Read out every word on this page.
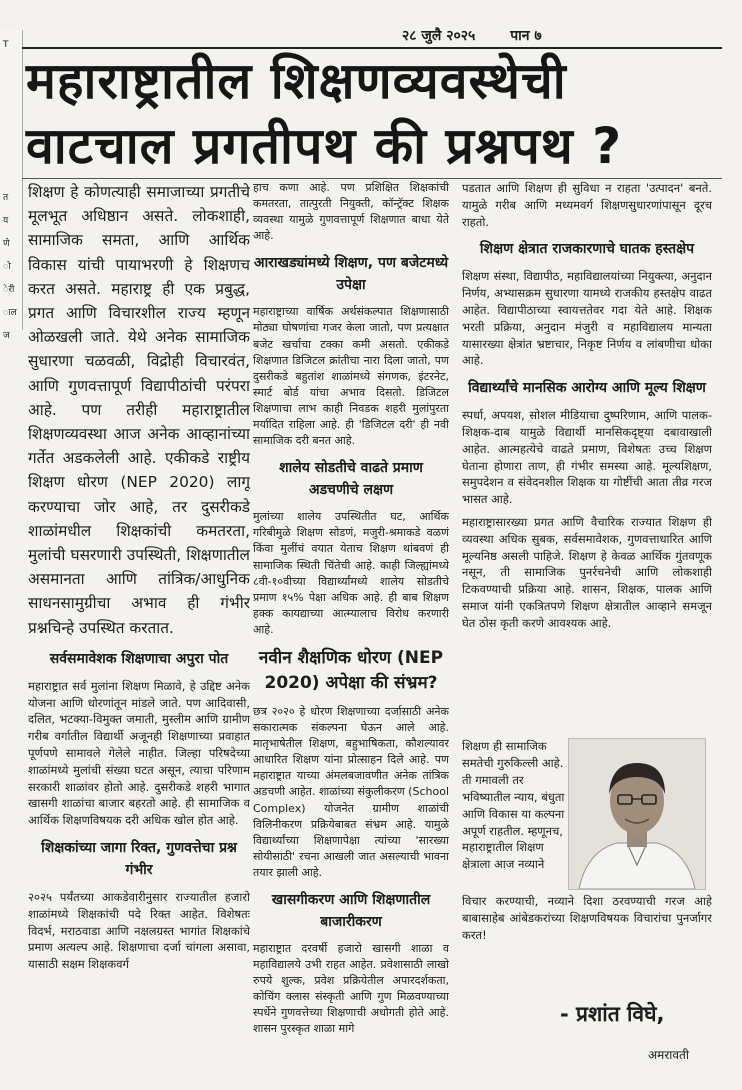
T
त
य
णे
ो
ेरी
ाल
ज
२८ जुलै २०२५ पान ७
महाराष्ट्रातील शिक्षणव्यवस्थेची
वाटचाल प्रगतीपथ की प्रश्नपथ ?

शिक्षण हे कोणत्याही समाजाच्या प्रगतीचे मूलभूत अधिष्ठान असते. लोकशाही, सामाजिक समता, आणि आर्थिक विकास यांची पायाभरणी हे शिक्षणच करत असते. महाराष्ट्र ही एक प्रबुद्ध, प्रगत आणि विचारशील राज्य म्हणून ओळखली जाते. येथे अनेक सामाजिक सुधारणा चळवळी, विद्रोही विचारवंत, आणि गुणवत्तापूर्ण विद्यापीठांची परंपरा आहे. पण तरीही महाराष्ट्रातील शिक्षणव्यवस्था आज अनेक आव्हानांच्या गर्तेत अडकलेली आहे. एकीकडे राष्ट्रीय शिक्षण धोरण (NEP 2020) लागू करण्याचा जोर आहे, तर दुसरीकडे शाळांमधील शिक्षकांची कमतरता, मुलांची घसरणारी उपस्थिती, शिक्षणातील असमानता आणि तांत्रिक/आधुनिक साधनसामुग्रीचा अभाव ही गंभीर प्रश्नचिन्हे उपस्थित करतात.

सर्वसमावेशक शिक्षणाचा अपुरा पोत

महाराष्ट्रात सर्व मुलांना शिक्षण मिळावे, हे उद्दिष्ट अनेक योजना आणि धोरणांतून मांडले जाते. पण आदिवासी, दलित, भटक्या-विमुक्त जमाती, मुस्लीम आणि ग्रामीण गरीब वर्गातील विद्यार्थी अजूनही शिक्षणाच्या प्रवाहात पूर्णपणे सामावले गेलेले नाहीत. जिल्हा परिषदेच्या शाळांमध्ये मुलांची संख्या घटत असून, त्याचा परिणाम सरकारी शाळांवर होतो आहे. दुसरीकडे शहरी भागात खासगी शाळांचा बाजार बहरतो आहे. ही सामाजिक व आर्थिक शिक्षणविषयक दरी अधिक खोल होत आहे.

शिक्षकांच्या जागा रिक्त, गुणवत्तेचा प्रश्न गंभीर

२०२५ पर्यंतच्या आकडेवारीनुसार राज्यातील हजारो शाळांमध्ये शिक्षकांची पदे रिक्त आहेत. विशेषतः विदर्भ, मराठवाडा आणि नक्षलग्रस्त भागांत शिक्षकांचे प्रमाण अत्यल्प आहे. शिक्षणाचा दर्जा चांगला असावा, यासाठी सक्षम शिक्षकवर्ग

हाच कणा आहे. पण प्रशिक्षित शिक्षकांची कमतरता, तात्पुरती नियुक्ती, कॉन्ट्रॅक्ट शिक्षक व्यवस्था यामुळे गुणवत्तापूर्ण शिक्षणात बाधा येते आहे.

आराखड्यांमध्ये शिक्षण, पण बजेटमध्ये उपेक्षा

महाराष्ट्राच्या वार्षिक अर्थसंकल्पात शिक्षणासाठी मोठ्या घोषणांचा गजर केला जातो, पण प्रत्यक्षात बजेट खर्चाचा टक्का कमी असतो. एकीकडे शिक्षणात डिजिटल क्रांतीचा नारा दिला जातो, पण दुसरीकडे बहुतांश शाळांमध्ये संगणक, इंटरनेट, स्मार्ट बोर्ड यांचा अभाव दिसतो. डिजिटल शिक्षणाचा लाभ काही निवडक शहरी मुलांपुरता मर्यादित राहिला आहे. ही 'डिजिटल दरी' ही नवी सामाजिक दरी बनत आहे.

शालेय सोडतीचे वाढते प्रमाण अडचणीचे लक्षण

मुलांच्या शालेय उपस्थितीत घट, आर्थिक गरिबीमुळे शिक्षण सोडणं, मजुरी-श्रमाकडे वळणं किंवा मुलींचं वयात येताच शिक्षण थांबवणं ही सामाजिक स्थिती चिंतेची आहे. काही जिल्ह्यांमध्ये ८वी-१०वीच्या विद्यार्थ्यांमध्ये शालेय सोडतीचे प्रमाण १५% पेक्षा अधिक आहे. ही बाब शिक्षण हक्क कायद्याच्या आत्म्यालाच विरोध करणारी आहे.

नवीन शैक्षणिक धोरण (NEP 2020) अपेक्षा की संभ्रम?

छत्र २०२० हे धोरण शिक्षणाच्या दर्जासाठी अनेक सकारात्मक संकल्पना घेऊन आले आहे. मातृभाषेतील शिक्षण, बहुभाषिकता, कौशल्यावर आधारित शिक्षण यांना प्रोत्साहन दिले आहे. पण महाराष्ट्रात याच्या अंमलबजावणीत अनेक तांत्रिक अडचणी आहेत. शाळांच्या संकुलीकरण (School Complex) योजनेत ग्रामीण शाळांची विलिनीकरण प्रक्रियेबाबत संभ्रम आहे. यामुळे विद्यार्थ्यांच्या शिक्षणापेक्षा त्यांच्या 'सारख्या सोयीसाठी' रचना आखली जात असल्याची भावना तयार झाली आहे.

खासगीकरण आणि शिक्षणातील बाजारीकरण

महाराष्ट्रात दरवर्षी हजारो खासगी शाळा व महाविद्यालये उभी राहत आहेत. प्रवेशासाठी लाखो रुपये शुल्क, प्रवेश प्रक्रियेतील अपारदर्शकता, कोचिंग क्लास संस्कृती आणि गुण मिळवण्याच्या स्पर्धेने गुणवत्तेच्या शिक्षणाची अधोगती होते आहे. शासन पुरस्कृत शाळा मागे

पडतात आणि शिक्षण ही सुविधा न राहता 'उत्पादन' बनते. यामुळे गरीब आणि मध्यमवर्ग शिक्षणसुधारणांपासून दूरच राहतो.

शिक्षण क्षेत्रात राजकारणाचे घातक हस्तक्षेप

शिक्षण संस्था, विद्यापीठ, महाविद्यालयांच्या नियुक्त्या, अनुदान निर्णय, अभ्यासक्रम सुधारणा यामध्ये राजकीय हस्तक्षेप वाढत आहेत. विद्यापीठाच्या स्वायत्ततेवर गदा येते आहे. शिक्षक भरती प्रक्रिया, अनुदान मंजुरी व महाविद्यालय मान्यता यासारख्या क्षेत्रांत भ्रष्टाचार, निकृष्ट निर्णय व लांबणीचा धोका आहे.

विद्यार्थ्यांचे मानसिक आरोग्य आणि मूल्य शिक्षण

स्पर्धा, अपयश, सोशल मीडियाचा दुष्परिणाम, आणि पालक-शिक्षक-दाब यामुळे विद्यार्थी मानसिकदृष्ट्या दबावाखाली आहेत. आत्महत्येचे वाढते प्रमाण, विशेषतः उच्च शिक्षण घेताना होणारा ताण, ही गंभीर समस्या आहे. मूल्यशिक्षण, समुपदेशन व संवेदनशील शिक्षक या गोष्टींची आता तीव्र गरज भासत आहे.

महाराष्ट्रासारख्या प्रगत आणि वैचारिक राज्यात शिक्षण ही व्यवस्था अधिक सुबक, सर्वसमावेशक, गुणवत्ताधारित आणि मूल्यनिष्ठ असली पाहिजे. शिक्षण हे केवळ आर्थिक गुंतवणूक नसून, ती सामाजिक पुनर्रचनेची आणि लोकशाही टिकवण्याची प्रक्रिया आहे. शासन, शिक्षक, पालक आणि समाज यांनी एकत्रितपणे शिक्षण क्षेत्रातील आव्हाने समजून घेत ठोस कृती करणे आवश्यक आहे.

शिक्षण ही सामाजिक समतेची गुरुकिल्ली आहे. ती गमावली तर भविष्यातील न्याय, बंधुता आणि विकास या कल्पना अपूर्ण राहतील. म्हणूनच, महाराष्ट्रातील शिक्षण क्षेत्राला आज नव्याने
विचार करण्याची, नव्याने दिशा ठरवण्याची गरज आहे बाबासाहेब आंबेडकरांच्या शिक्षणविषयक विचारांचा पुनर्जागर करत!
- प्रशांत विघे,
अमरावती
